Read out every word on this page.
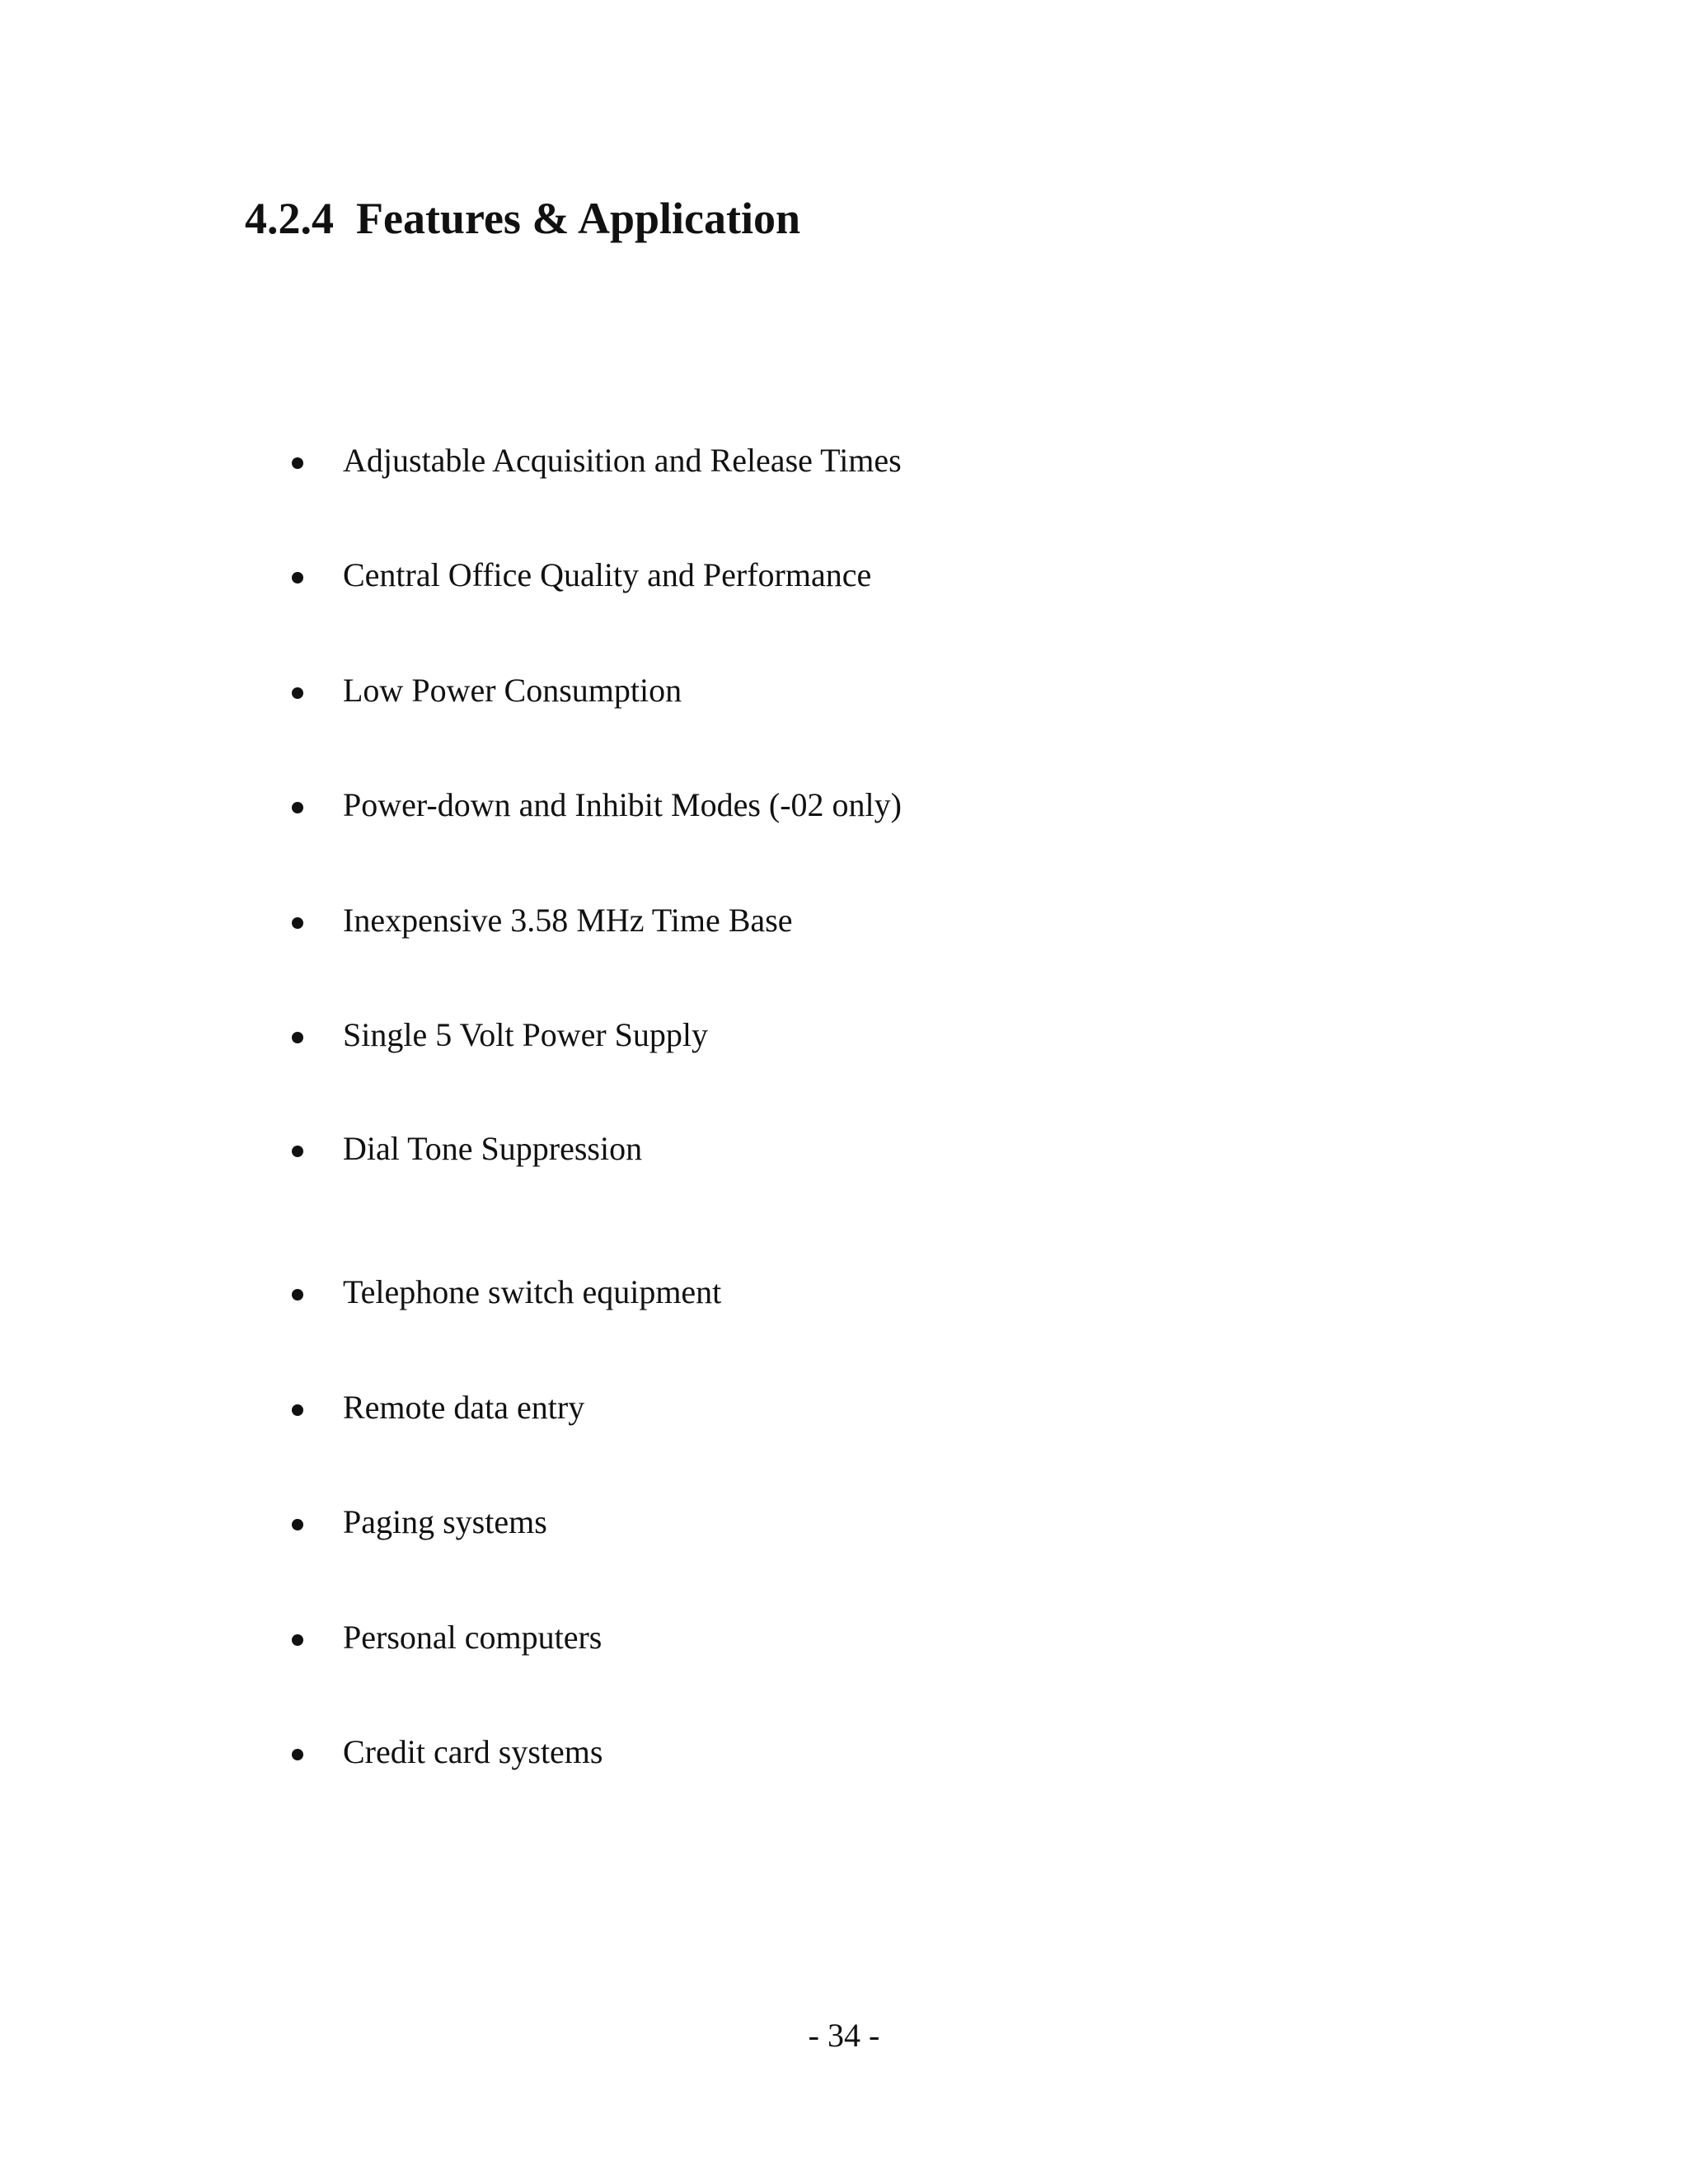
4.2.4 Features & Application
Adjustable Acquisition and Release Times
Central Office Quality and Performance
Low Power Consumption
Power-down and Inhibit Modes (-02 only)
Inexpensive 3.58 MHz Time Base
Single 5 Volt Power Supply
Dial Tone Suppression
Telephone switch equipment
Remote data entry
Paging systems
Personal computers
Credit card systems
- 34 -
